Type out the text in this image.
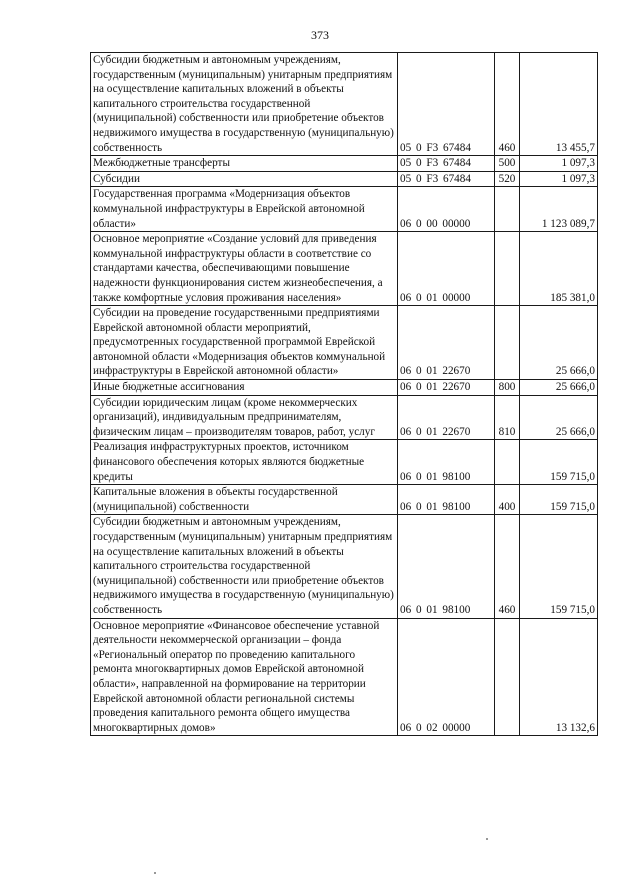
373
Субсидии бюджетным и автономным учреждениям, государственным (муниципальным) унитарным предприятиям на осуществление капитальных вложений в объекты капитального строительства государственной (муниципальной) собственности или приобретение объектов недвижимого имущества в государственную (муниципальную) собственность	05 0 F3 67484	460	13 455,7
Межбюджетные трансферты	05 0 F3 67484	500	1 097,3
Субсидии	05 0 F3 67484	520	1 097,3
Государственная программа «Модернизация объектов коммунальной инфраструктуры в Еврейской автономной области»	06 0 00 00000		1 123 089,7
Основное мероприятие «Создание условий для приведения коммунальной инфраструктуры области в соответствие со стандартами качества, обеспечивающими повышение надежности функционирования систем жизнеобеспечения, а также комфортные условия проживания населения»	06 0 01 00000		185 381,0
Субсидии на проведение государственными предприятиями Еврейской автономной области мероприятий, предусмотренных государственной программой Еврейской автономной области «Модернизация объектов коммунальной инфраструктуры в Еврейской автономной области»	06 0 01 22670		25 666,0
Иные бюджетные ассигнования	06 0 01 22670	800	25 666,0
Субсидии юридическим лицам (кроме некоммерческих организаций), индивидуальным предпринимателям, физическим лицам – производителям товаров, работ, услуг	06 0 01 22670	810	25 666,0
Реализация инфраструктурных проектов, источником финансового обеспечения которых являются бюджетные кредиты	06 0 01 98100		159 715,0
Капитальные вложения в объекты государственной (муниципальной) собственности	06 0 01 98100	400	159 715,0
Субсидии бюджетным и автономным учреждениям, государственным (муниципальным) унитарным предприятиям на осуществление капитальных вложений в объекты капитального строительства государственной (муниципальной) собственности или приобретение объектов недвижимого имущества в государственную (муниципальную) собственность	06 0 01 98100	460	159 715,0
Основное мероприятие «Финансовое обеспечение уставной деятельности некоммерческой организации – фонда «Региональный оператор по проведению капитального ремонта многоквартирных домов Еврейской автономной области», направленной на формирование на территории Еврейской автономной области региональной системы проведения капитального ремонта общего имущества многоквартирных домов»	06 0 02 00000		13 132,6
